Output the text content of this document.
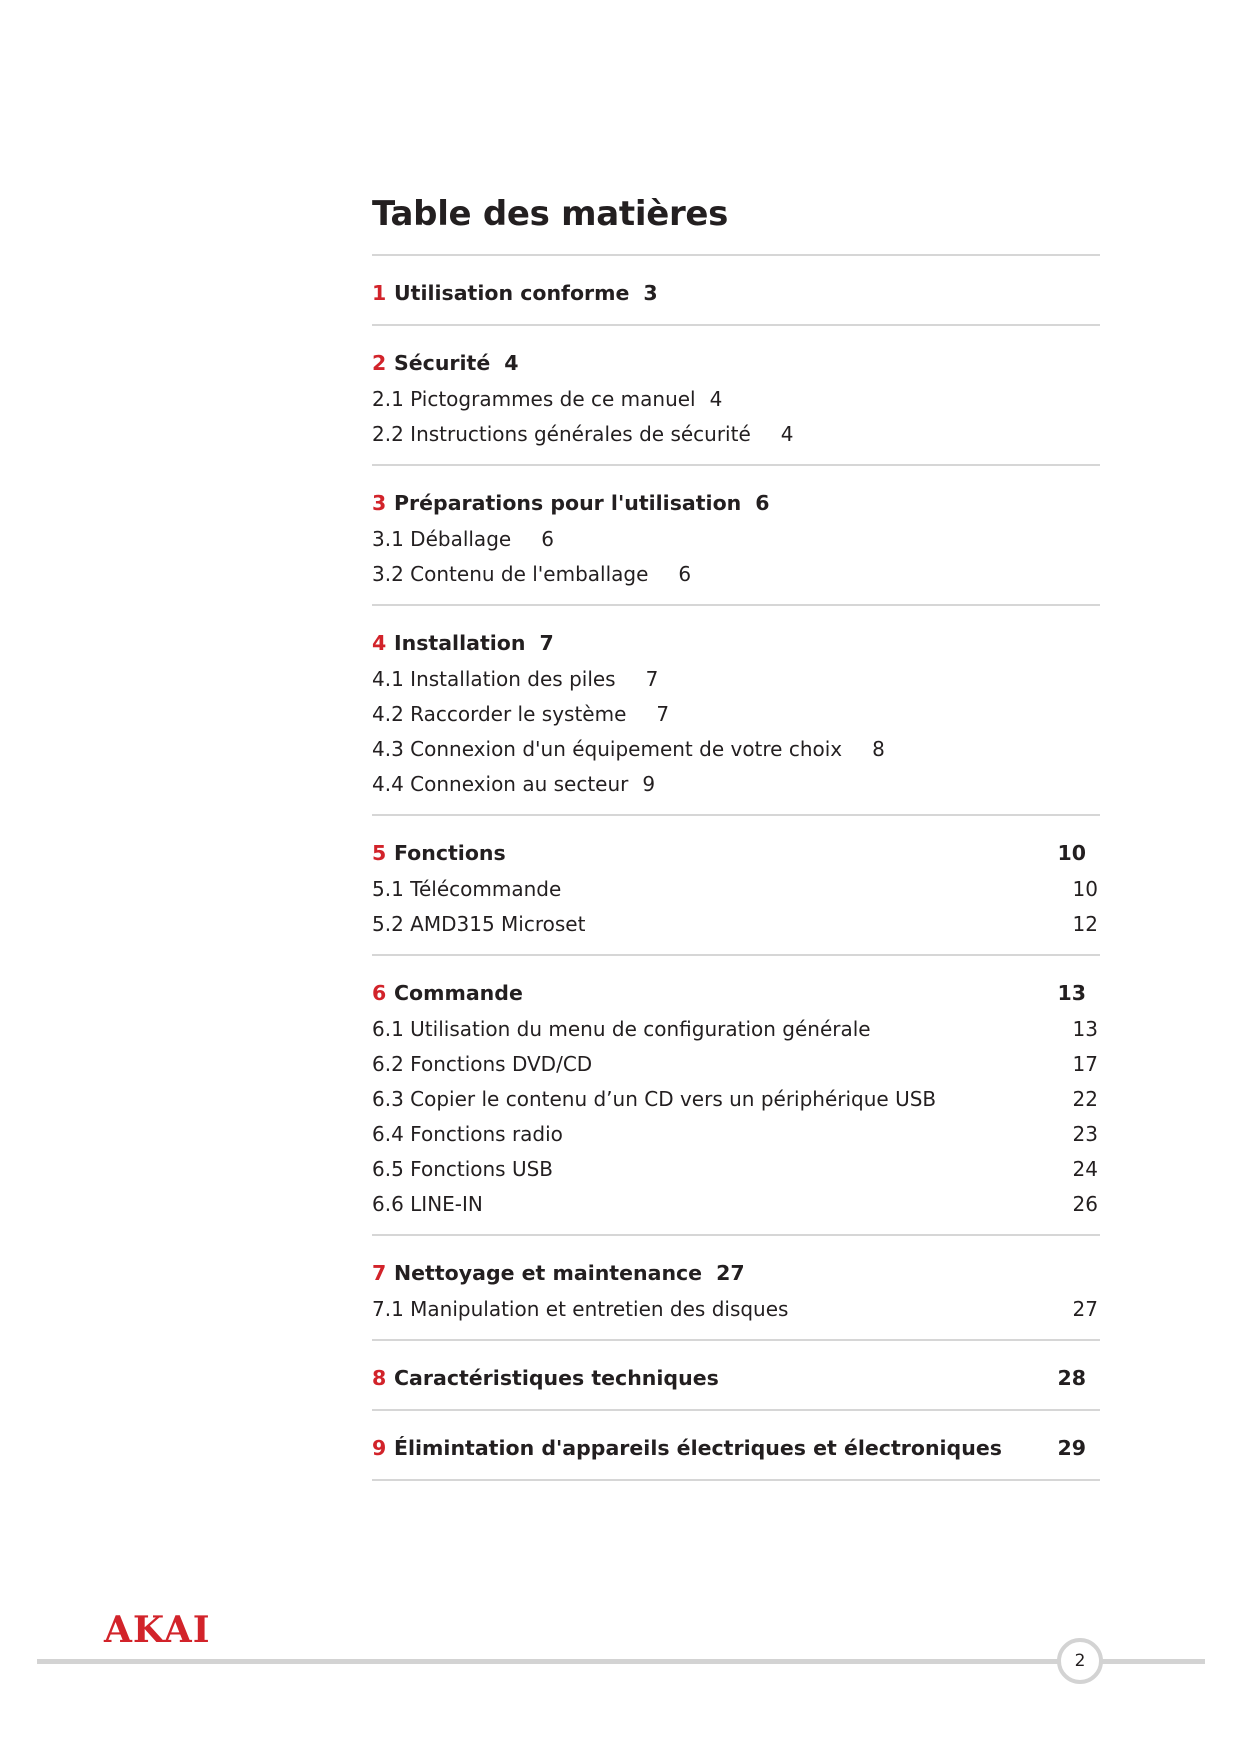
Table des matières
1 Utilisation conforme 3
2 Sécurité 4
2.1 Pictogrammes de ce manuel 4
2.2 Instructions générales de sécurité 4
3 Préparations pour l'utilisation 6
3.1 Déballage 6
3.2 Contenu de l'emballage 6
4 Installation 7
4.1 Installation des piles 7
4.2 Raccorder le système 7
4.3 Connexion d'un équipement de votre choix 8
4.4 Connexion au secteur 9
5 Fonctions	10
5.1 Télécommande	10
5.2 AMD315 Microset	12
6 Commande	13
6.1 Utilisation du menu de configuration générale	13
6.2 Fonctions DVD/CD	17
6.3 Copier le contenu d’un CD vers un périphérique USB	22
6.4 Fonctions radio	23
6.5 Fonctions USB	24
6.6 LINE-IN	26
7 Nettoyage et maintenance 27
7.1 Manipulation et entretien des disques	27
8 Caractéristiques techniques	28
9 Élimintation d'appareils électriques et électroniques	29
AKAI
2
